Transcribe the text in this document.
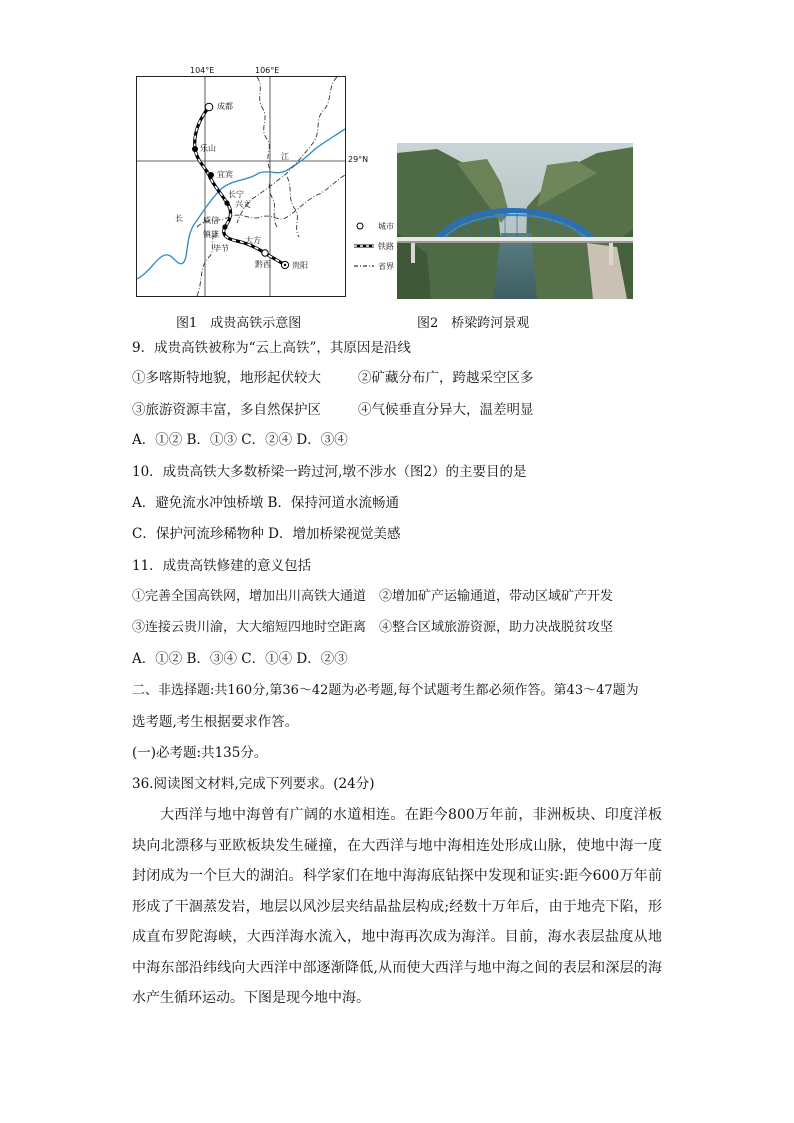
104°E	106°E
29°N
成都
乐山
宜宾
长宁
兴文
威信
镇雄
大方
毕节
黔西	贵阳
江
长
城市
铁路
省界
图1　成贵高铁示意图	图2　桥梁跨河景观
9．成贵高铁被称为“云上高铁”，其原因是沿线
①多喀斯特地貌，地形起伏较大	②矿藏分布广，跨越采空区多
③旅游资源丰富，多自然保护区	④气候垂直分异大，温差明显
A．①② B．①③ C．②④ D．③④
10．成贵高铁大多数桥梁一跨过河,墩不涉水（图2）的主要目的是
A．避免流水冲蚀桥墩 B．保持河道水流畅通
C．保护河流珍稀物种 D．增加桥梁视觉美感
11．成贵高铁修建的意义包括
①完善全国高铁网，增加出川高铁大通道　②增加矿产运输通道，带动区域矿产开发
③连接云贵川渝，大大缩短四地时空距离　④整合区域旅游资源，助力决战脱贫攻坚
A．①② B．③④ C．①④ D．②③
二、非选择题:共160分,第36～42题为必考题,每个试题考生都必须作答。第43～47题为
选考题,考生根据要求作答。
(一)必考题:共135分。
36.阅读图文材料,完成下列要求。(24分)
大西洋与地中海曾有广阔的水道相连。在距今800万年前，非洲板块、印度洋板块向北漂移与亚欧板块发生碰撞，在大西洋与地中海相连处形成山脉，使地中海一度封闭成为一个巨大的湖泊。科学家们在地中海海底钻探中发现和证实:距今600万年前形成了干涸蒸发岩，地层以风沙层夹结晶盐层构成;经数十万年后，由于地壳下陷，形成直布罗陀海峡，大西洋海水流入，地中海再次成为海洋。目前，海水表层盐度从地中海东部沿纬线向大西洋中部逐渐降低,从而使大西洋与地中海之间的表层和深层的海水产生循环运动。下图是现今地中海。
